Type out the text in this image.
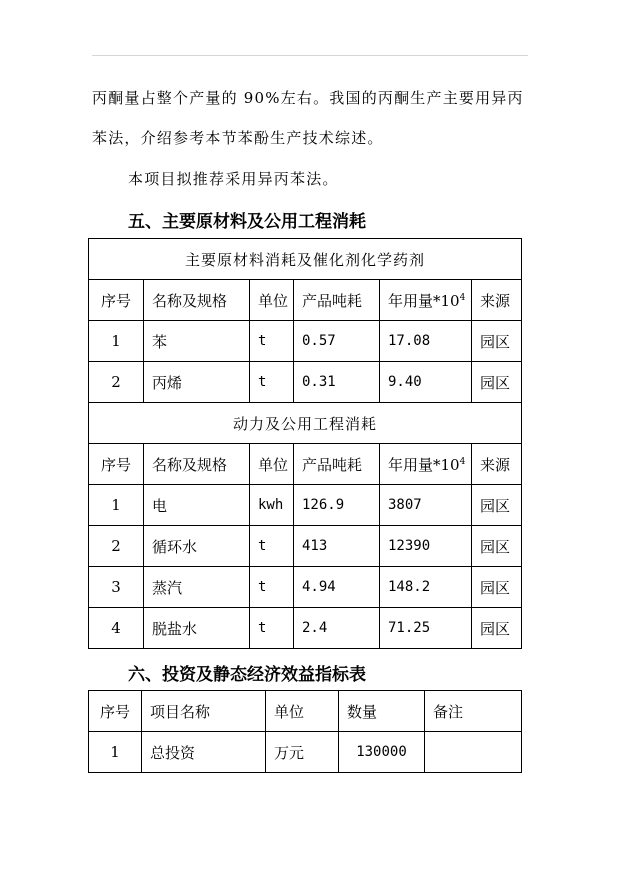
丙酮量占整个产量的 90%左右。我国的丙酮生产主要用异丙
苯法，介绍参考本节苯酚生产技术综述。
本项目拟推荐采用异丙苯法。
五、主要原材料及公用工程消耗
主要原材料消耗及催化剂化学药剂					
序号	名称及规格	单位	产品吨耗	年用量$*10^4$	来源
1	苯	t	0.57	17.08	园区
2	丙烯	t	0.31	9.40	园区
动力及公用工程消耗					
序号	名称及规格	单位	产品吨耗	年用量$*10^4$	来源
1	电	kwh	126.9	3807	园区
2	循环水	t	413	12390	园区
3	蒸汽	t	4.94	148.2	园区
4	脱盐水	t	2.4	71.25	园区
六、投资及静态经济效益指标表
序号	项目名称	单位	数量	备注
1	总投资	万元	130000	
